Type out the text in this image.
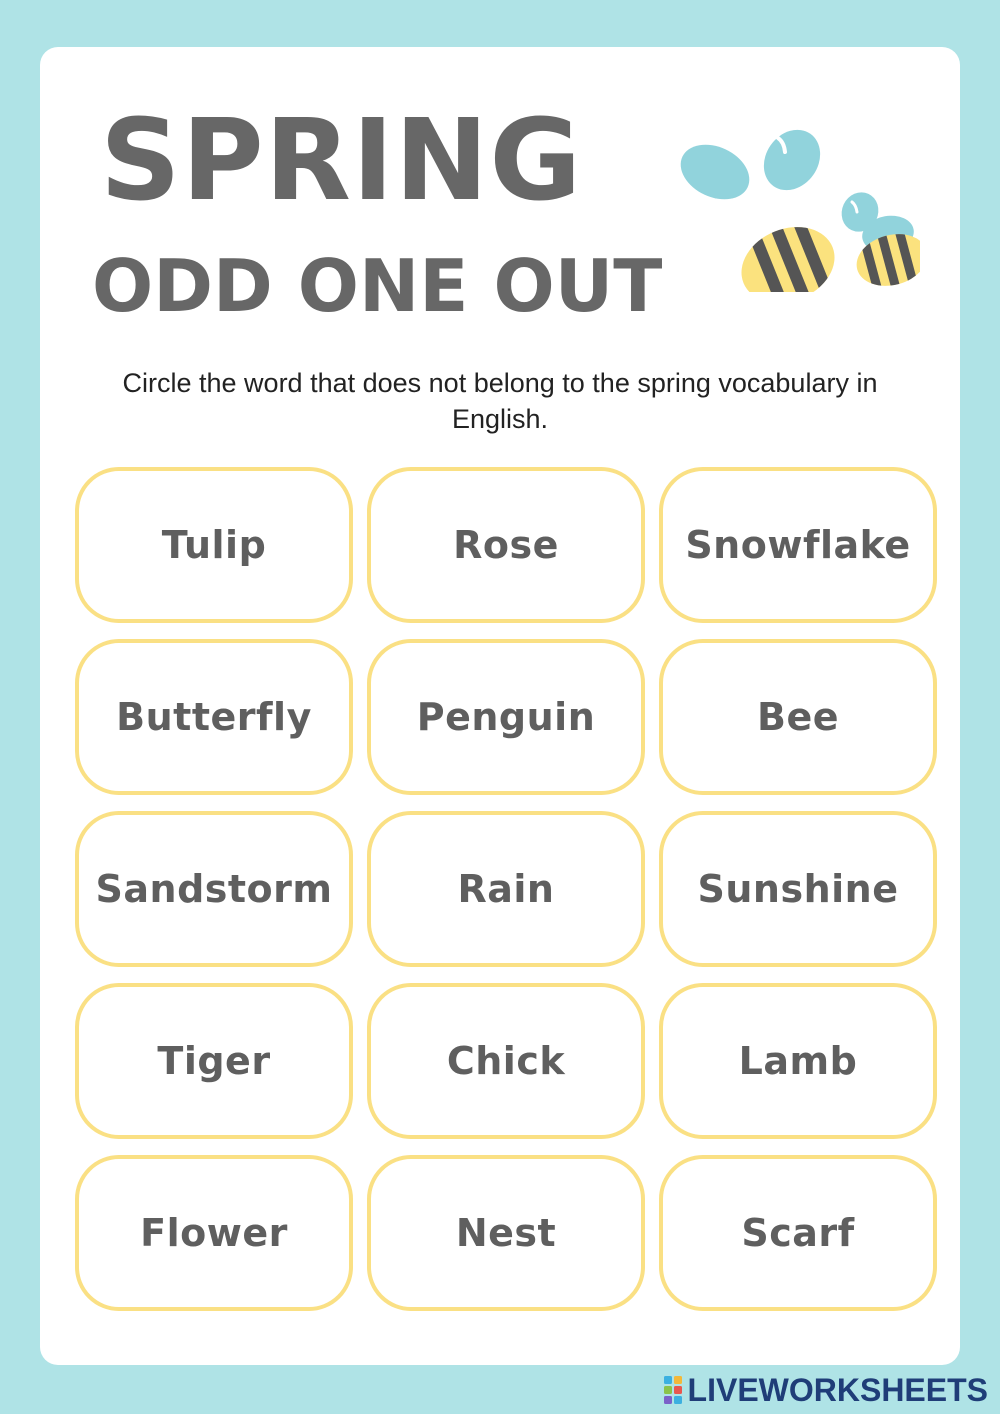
SPRING
ODD ONE OUT

Circle the word that does not belong to the spring vocabulary in English.

Tulip	Rose	Snowflake
Butterfly	Penguin	Bee
Sandstorm	Rain	Sunshine
Tiger	Chick	Lamb
Flower	Nest	Scarf
LIVEWORKSHEETS
